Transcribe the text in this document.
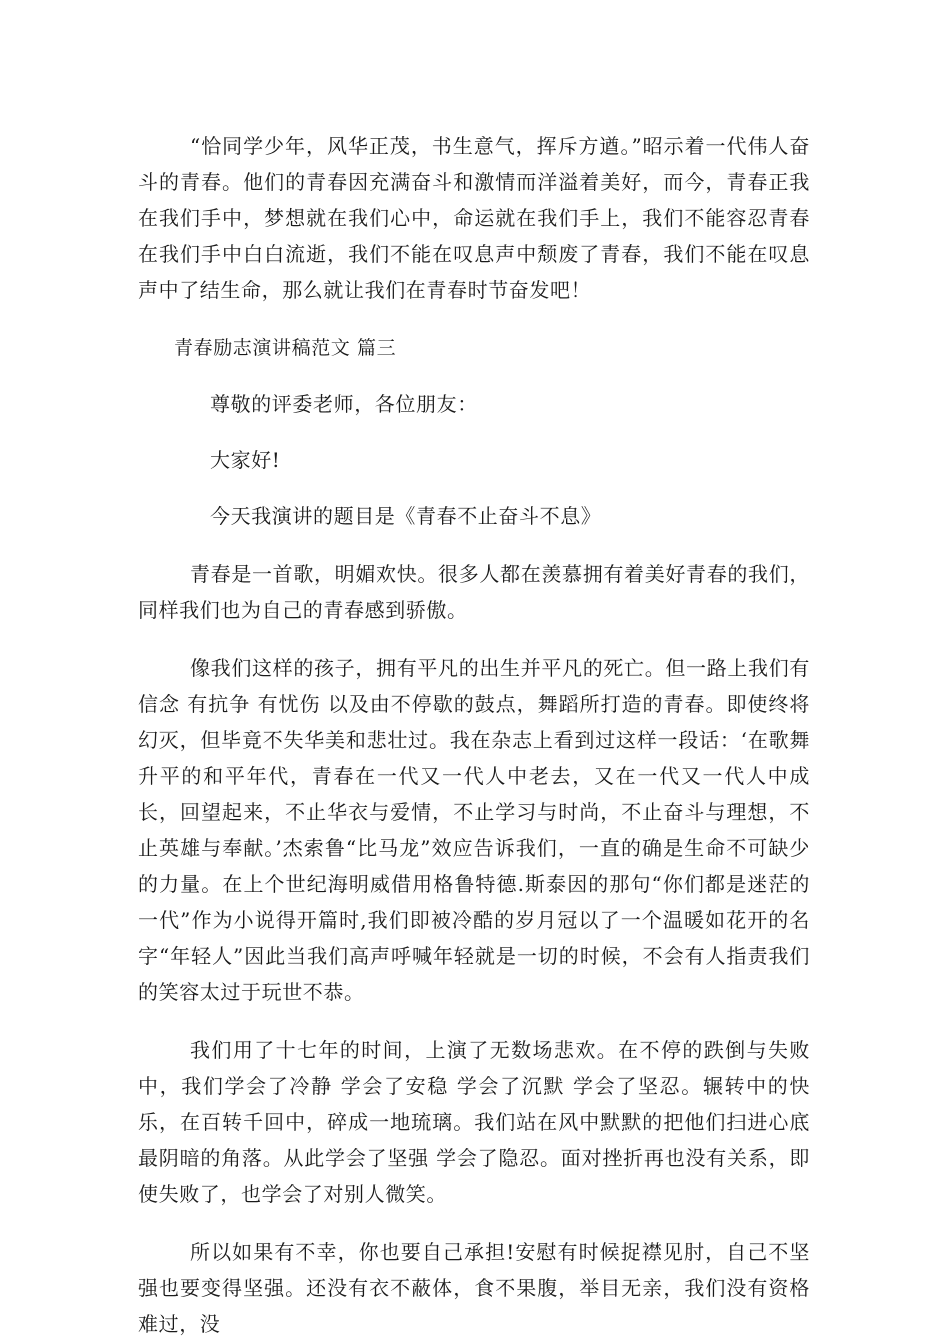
“恰同学少年，风华正茂，书生意气，挥斥方遒。”昭示着一代伟人奋斗的青春。他们的青春因充满奋斗和激情而洋溢着美好，而今，青春正我在我们手中，梦想就在我们心中，命运就在我们手上，我们不能容忍青春在我们手中白白流逝，我们不能在叹息声中颓废了青春，我们不能在叹息声中了结生命，那么就让我们在青春时节奋发吧！

青春励志演讲稿范文 篇三

尊敬的评委老师，各位朋友：

大家好!

今天我演讲的题目是《青春不止奋斗不息》

青春是一首歌，明媚欢快。很多人都在羡慕拥有着美好青春的我们，同样我们也为自己的青春感到骄傲。

像我们这样的孩子，拥有平凡的出生并平凡的死亡。但一路上我们有信念 有抗争 有忧伤 以及由不停歇的鼓点，舞蹈所打造的青春。即使终将幻灭，但毕竟不失华美和悲壮过。我在杂志上看到过这样一段话：‘在歌舞 升平的和平年代，青春在一代又一代人中老去，又在一代又一代人中成长，回望起来，不止华衣与爱情，不止学习与时尚，不止奋斗与理想，不止英雄与奉献。’杰索鲁“比马龙”效应告诉我们，一直的确是生命不可缺少的力量。在上个世纪海明威借用格鲁特德.斯泰因的那句“你们都是迷茫的一代”作为小说得开篇时,我们即被冷酷的岁月冠以了一个温暖如花开的名字“年轻人”因此当我们高声呼喊年轻就是一切的时候，不会有人指责我们的笑容太过于玩世不恭。

我们用了十七年的时间，上演了无数场悲欢。在不停的跌倒与失败中，我们学会了冷静 学会了安稳 学会了沉默 学会了坚忍。辗转中的快乐，在百转千回中，碎成一地琉璃。我们站在风中默默的把他们扫进心底最阴暗的角落。从此学会了坚强 学会了隐忍。面对挫折再也没有关系，即使失败了，也学会了对别人微笑。

所以如果有不幸，你也要自己承担!安慰有时候捉襟见肘，自己不坚强也要变得坚强。还没有衣不蔽体，食不果腹，举目无亲，我们没有资格难过，没
